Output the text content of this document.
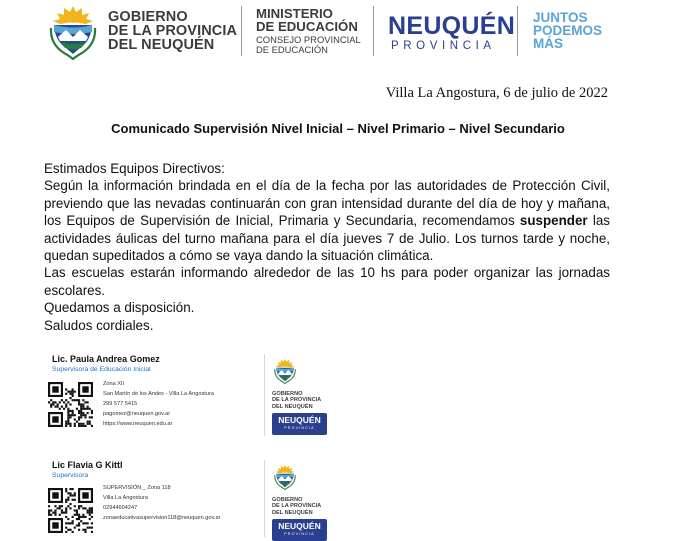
GOBIERNO
DE LA PROVINCIA
DEL NEUQUÉN
MINISTERIO
DE EDUCACIÓN
CONSEJO PROVINCIAL
DE EDUCACIÓN
NEUQUÉN
PROVINCIA
JUNTOS
PODEMOS
MÁS
Villa La Angostura, 6 de julio de 2022
Comunicado Supervisión Nivel Inicial – Nivel Primario – Nivel Secundario

Estimados Equipos Directivos:

Según la información brindada en el día de la fecha por las autoridades de Protección Civil, previendo que las nevadas continuarán con gran intensidad durante del día de hoy y mañana, los Equipos de Supervisión de Inicial, Primaria y Secundaria, recomendamos suspender las actividades áulicas del turno mañana para el día jueves 7 de Julio. Los turnos tarde y noche, quedan supeditados a cómo se vaya dando la situación climática.

Las escuelas estarán informando alrededor de las 10 hs para poder organizar las jornadas escolares.

Quedamos a disposición.

Saludos cordiales.

Lic. Paula Andrea Gomez
Supervisora de Educación Inicial
Zona XII
San Martín de los Andes - Villa La Angostura
299 577 5415
pagomez@neuquen.gov.ar
https://www.neuquen.edu.ar
GOBIERNO
DE LA PROVINCIA
DEL NEUQUÉN
NEUQUÉN
PROVINCIA
Lic Flavia G Kittl
Supervisora
SUPERVISIÓN _ Zona 118
Villa La Angostura
02944604247
zonaeducativasupervision118@neuquen.gov.ar
GOBIERNO
DE LA PROVINCIA
DEL NEUQUÉN
NEUQUÉN
PROVINCIA
